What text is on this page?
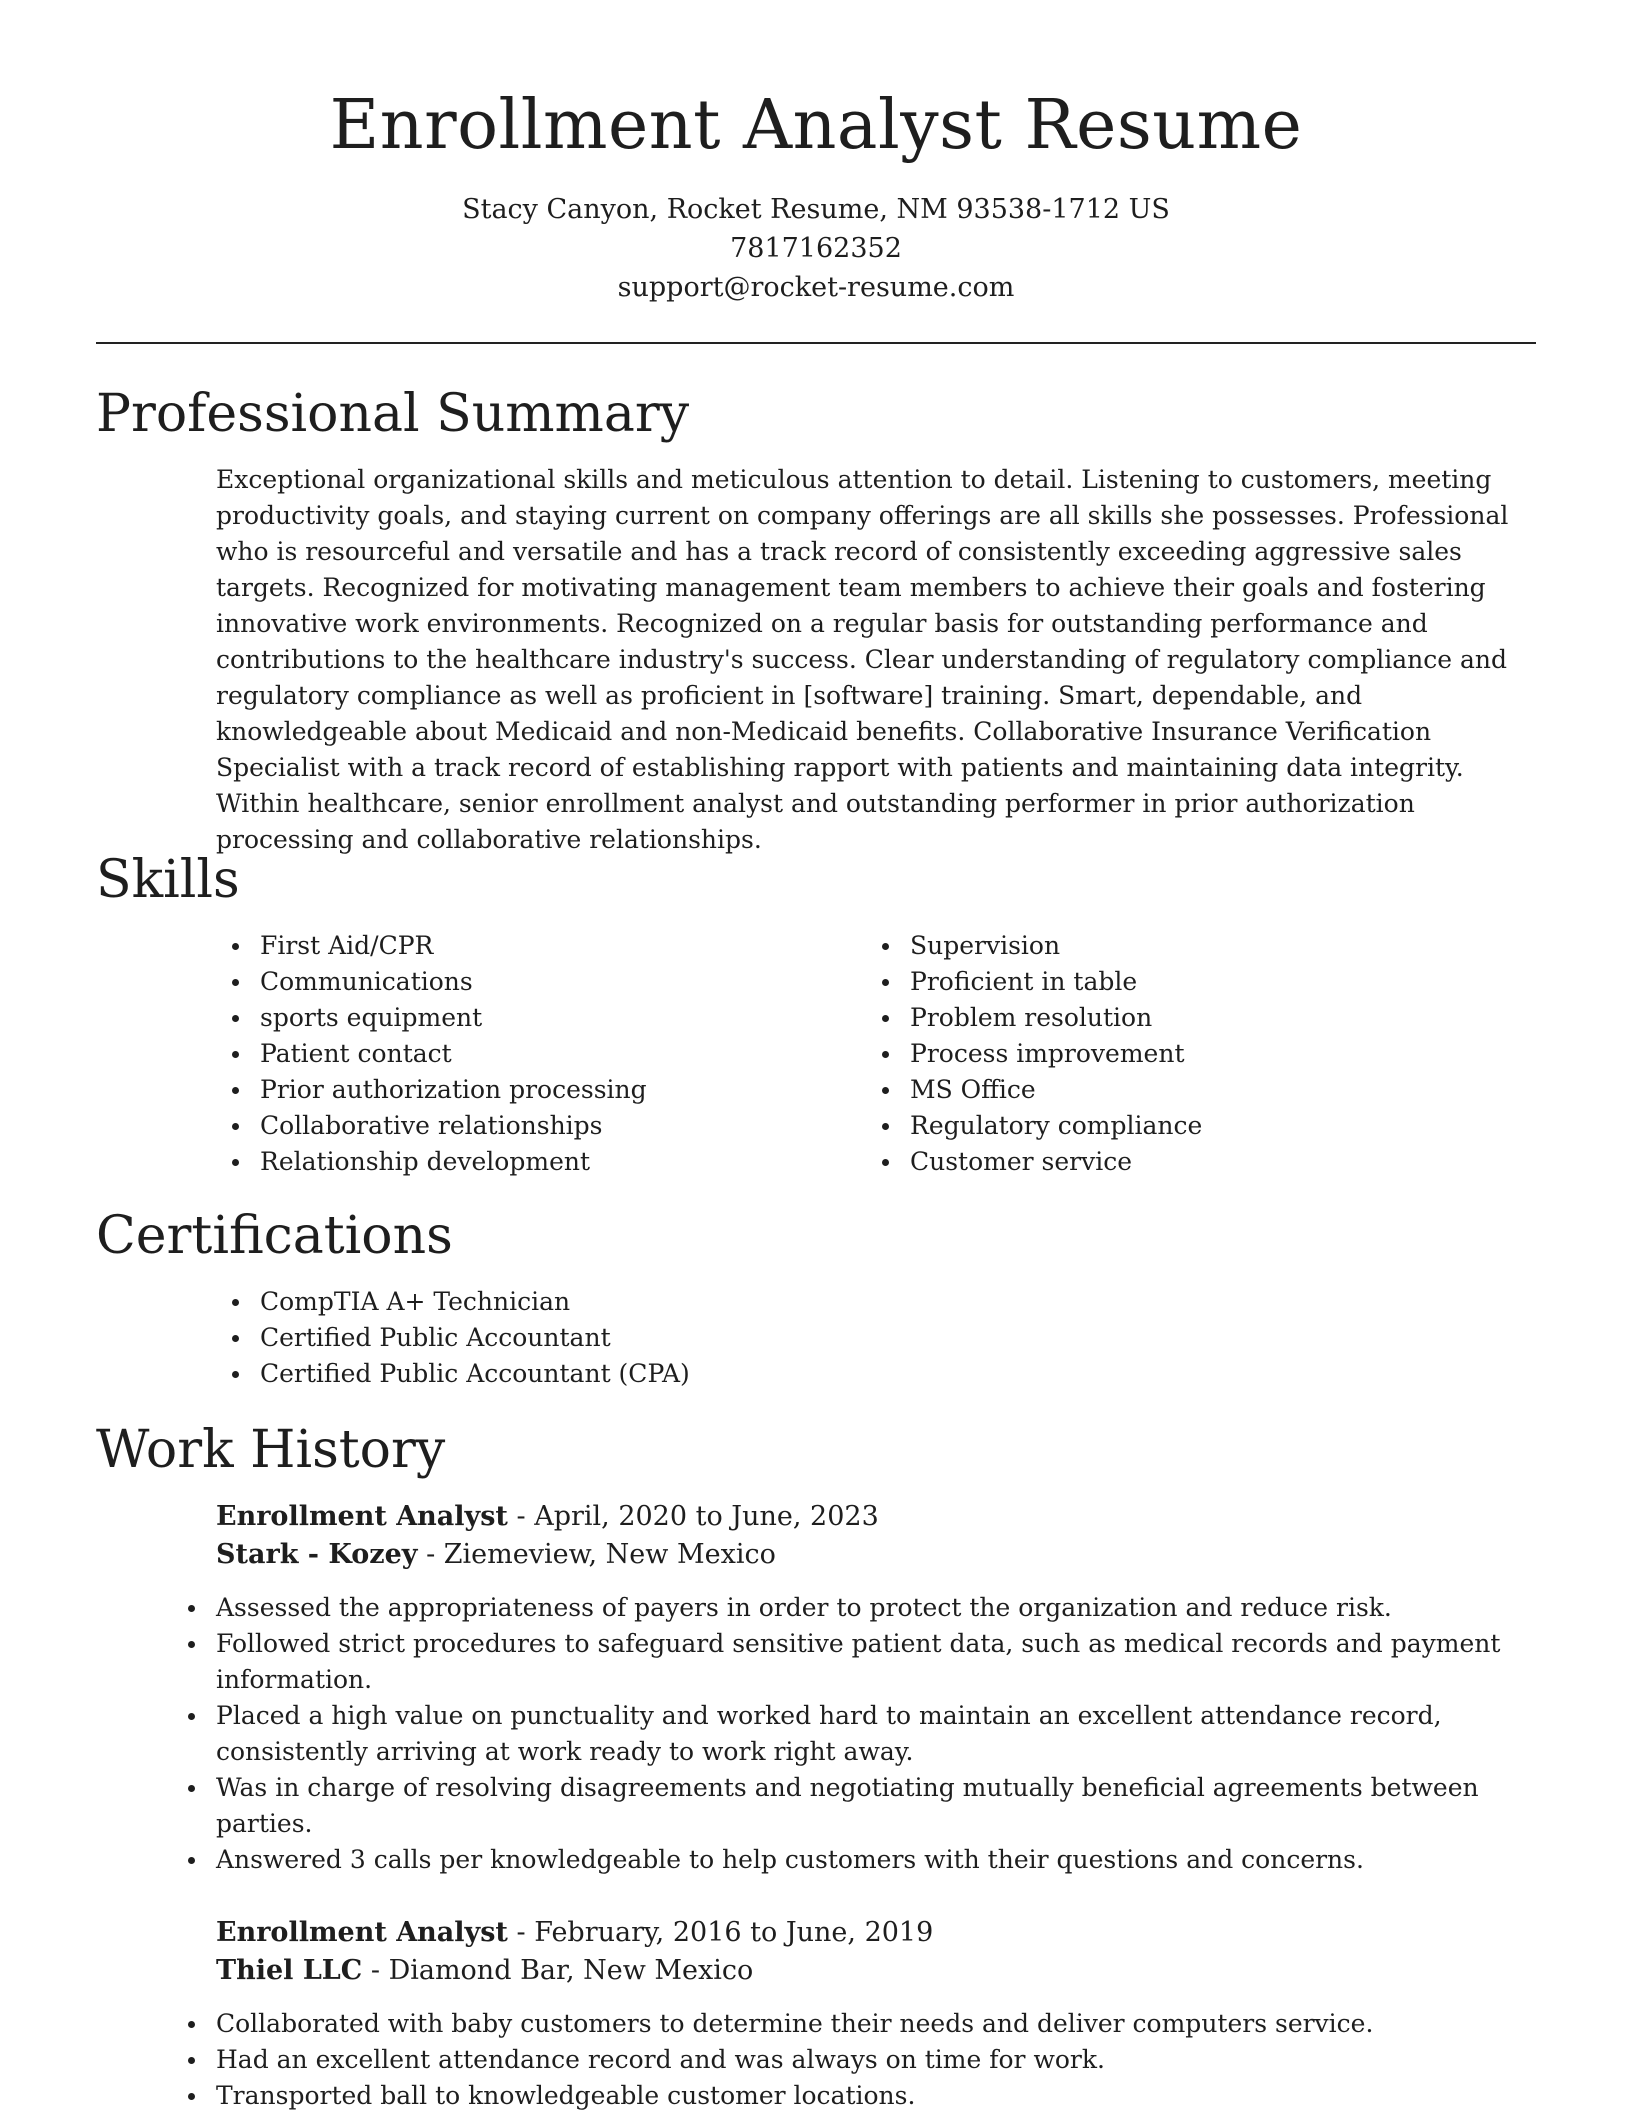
Enrollment Analyst Resume
Stacy Canyon, Rocket Resume, NM 93538-1712 US
7817162352
support@rocket-resume.com
Professional Summary

Exceptional organizational skills and meticulous attention to detail. Listening to customers, meeting productivity goals, and staying current on company offerings are all skills she possesses. Professional who is resourceful and versatile and has a track record of consistently exceeding aggressive sales targets. Recognized for motivating management team members to achieve their goals and fostering innovative work environments. Recognized on a regular basis for outstanding performance and contributions to the healthcare industry's success. Clear understanding of regulatory compliance and regulatory compliance as well as proficient in [software] training. Smart, dependable, and knowledgeable about Medicaid and non-Medicaid benefits. Collaborative Insurance Verification Specialist with a track record of establishing rapport with patients and maintaining data integrity. Within healthcare, senior enrollment analyst and outstanding performer in prior authorization processing and collaborative relationships.

Skills
First Aid/CPR
Communications
sports equipment
Patient contact
Prior authorization processing
Collaborative relationships
Relationship development
Supervision
Proficient in table
Problem resolution
Process improvement
MS Office
Regulatory compliance
Customer service
Certifications
CompTIA A+ Technician
Certified Public Accountant
Certified Public Accountant (CPA)
Work History

Enrollment Analyst - April, 2020 to June, 2023

Stark - Kozey - Ziemeview, New Mexico

Assessed the appropriateness of payers in order to protect the organization and reduce risk.
Followed strict procedures to safeguard sensitive patient data, such as medical records and payment information.
Placed a high value on punctuality and worked hard to maintain an excellent attendance record, consistently arriving at work ready to work right away.
Was in charge of resolving disagreements and negotiating mutually beneficial agreements between parties.
Answered 3 calls per knowledgeable to help customers with their questions and concerns.

Enrollment Analyst - February, 2016 to June, 2019

Thiel LLC - Diamond Bar, New Mexico

Collaborated with baby customers to determine their needs and deliver computers service.
Had an excellent attendance record and was always on time for work.
Transported ball to knowledgeable customer locations.
